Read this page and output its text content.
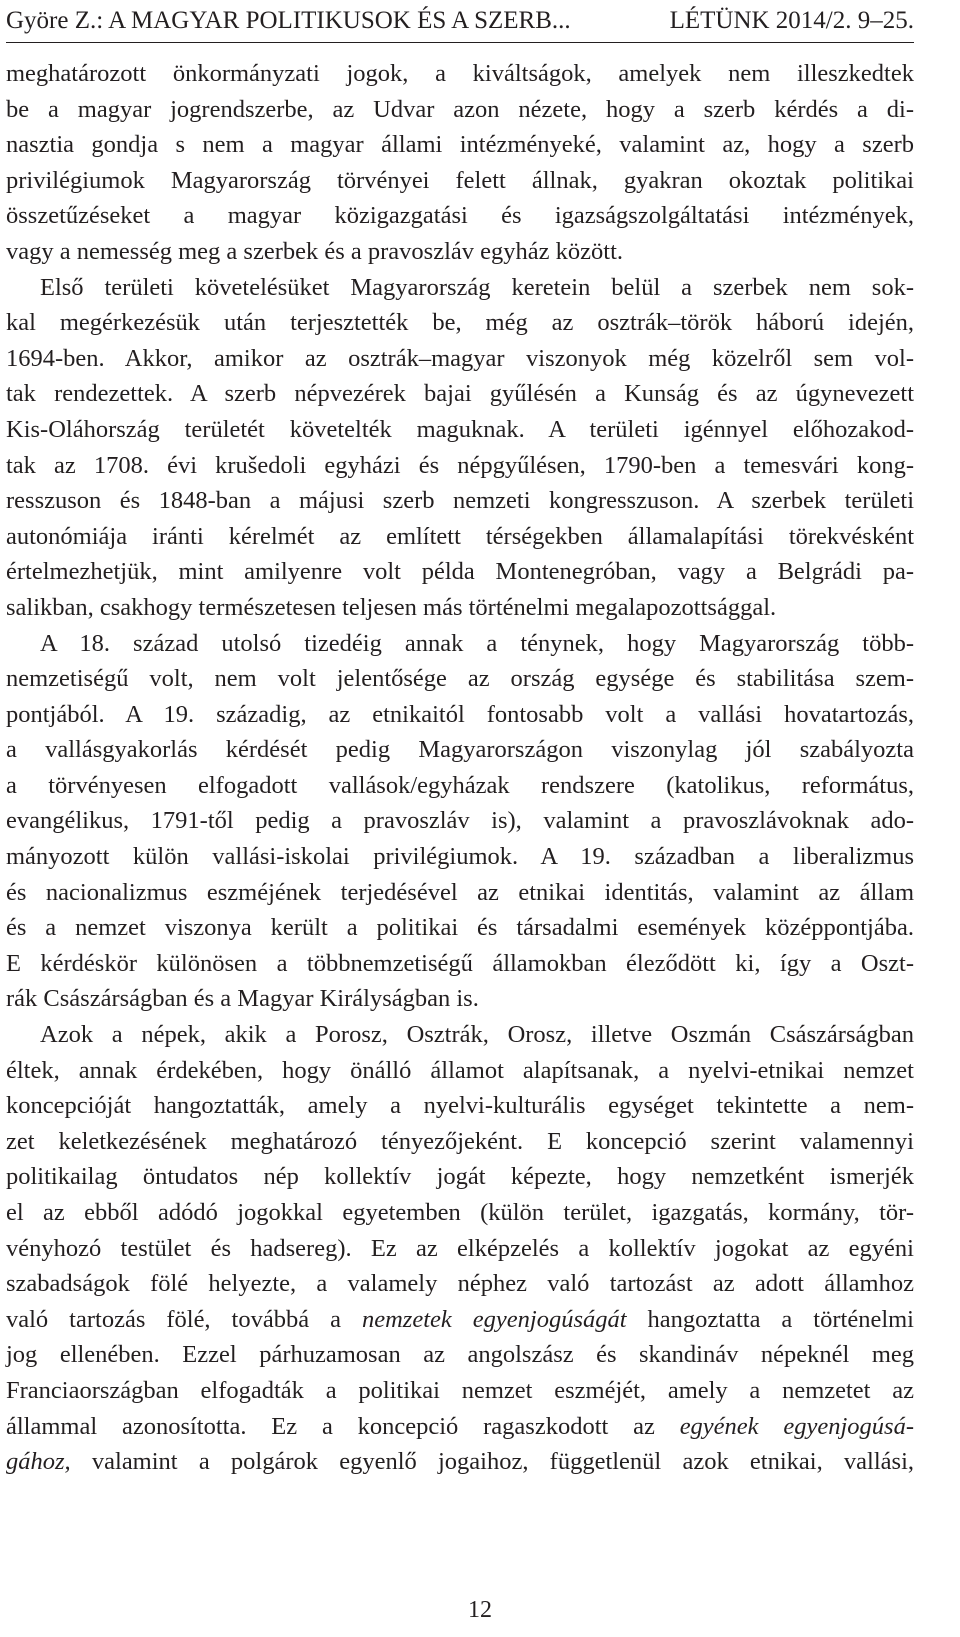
Györe Z.: A MAGYAR POLITIKUSOK ÉS A SZERB...	LÉTÜNK 2014/2. 9–25.
meghatározott önkormányzati jogok, a kiváltságok, amelyek nem illeszkedtek
be a magyar jogrendszerbe, az Udvar azon nézete, hogy a szerb kérdés a di-
nasztia gondja s nem a magyar állami intézményeké, valamint az, hogy a szerb
privilégiumok Magyarország törvényei felett állnak, gyakran okoztak politikai
összetűzéseket a magyar közigazgatási és igazságszolgáltatási intézmények,
vagy a nemesség meg a szerbek és a pravoszláv egyház között.
Első területi követelésüket Magyarország keretein belül a szerbek nem sok-
kal megérkezésük után terjesztették be, még az osztrák–török háború idején,
1694-ben. Akkor, amikor az osztrák–magyar viszonyok még közelről sem vol-
tak rendezettek. A szerb népvezérek bajai gyűlésén a Kunság és az úgynevezett
Kis-Oláhország területét követelték maguknak. A területi igénnyel előhozakod-
tak az 1708. évi krušedoli egyházi és népgyűlésen, 1790-ben a temesvári kong-
resszuson és 1848-ban a májusi szerb nemzeti kongresszuson. A szerbek területi
autonómiája iránti kérelmét az említett térségekben államalapítási törekvésként
értelmezhetjük, mint amilyenre volt példa Montenegróban, vagy a Belgrádi pa-
salikban, csakhogy természetesen teljesen más történelmi megalapozottsággal.
A 18. század utolsó tizedéig annak a ténynek, hogy Magyarország több-
nemzetiségű volt, nem volt jelentősége az ország egysége és stabilitása szem-
pontjából. A 19. századig, az etnikaitól fontosabb volt a vallási hovatartozás,
a vallásgyakorlás kérdését pedig Magyarországon viszonylag jól szabályozta
a törvényesen elfogadott vallások/egyházak rendszere (katolikus, református,
evangélikus, 1791-től pedig a pravoszláv is), valamint a pravoszlávoknak ado-
mányozott külön vallási-iskolai privilégiumok. A 19. században a liberalizmus
és nacionalizmus eszméjének terjedésével az etnikai identitás, valamint az állam
és a nemzet viszonya került a politikai és társadalmi események középpontjába.
E kérdéskör különösen a többnemzetiségű államokban éleződött ki, így a Oszt-
rák Császárságban és a Magyar Királyságban is.
Azok a népek, akik a Porosz, Osztrák, Orosz, illetve Oszmán Császárságban
éltek, annak érdekében, hogy önálló államot alapítsanak, a nyelvi-etnikai nemzet
koncepcióját hangoztatták, amely a nyelvi-kulturális egységet tekintette a nem-
zet keletkezésének meghatározó tényezőjeként. E koncepció szerint valamennyi
politikailag öntudatos nép kollektív jogát képezte, hogy nemzetként ismerjék
el az ebből adódó jogokkal egyetemben (külön terület, igazgatás, kormány, tör-
vényhozó testület és hadsereg). Ez az elképzelés a kollektív jogokat az egyéni
szabadságok fölé helyezte, a valamely néphez való tartozást az adott államhoz
való tartozás fölé, továbbá a nemzetek egyenjogúságát hangoztatta a történelmi
jog ellenében. Ezzel párhuzamosan az angolszász és skandináv népeknél meg
Franciaországban elfogadták a politikai nemzet eszméjét, amely a nemzetet az
állammal azonosította. Ez a koncepció ragaszkodott az egyének egyenjogúsá-
gához, valamint a polgárok egyenlő jogaihoz, függetlenül azok etnikai, vallási,
12
